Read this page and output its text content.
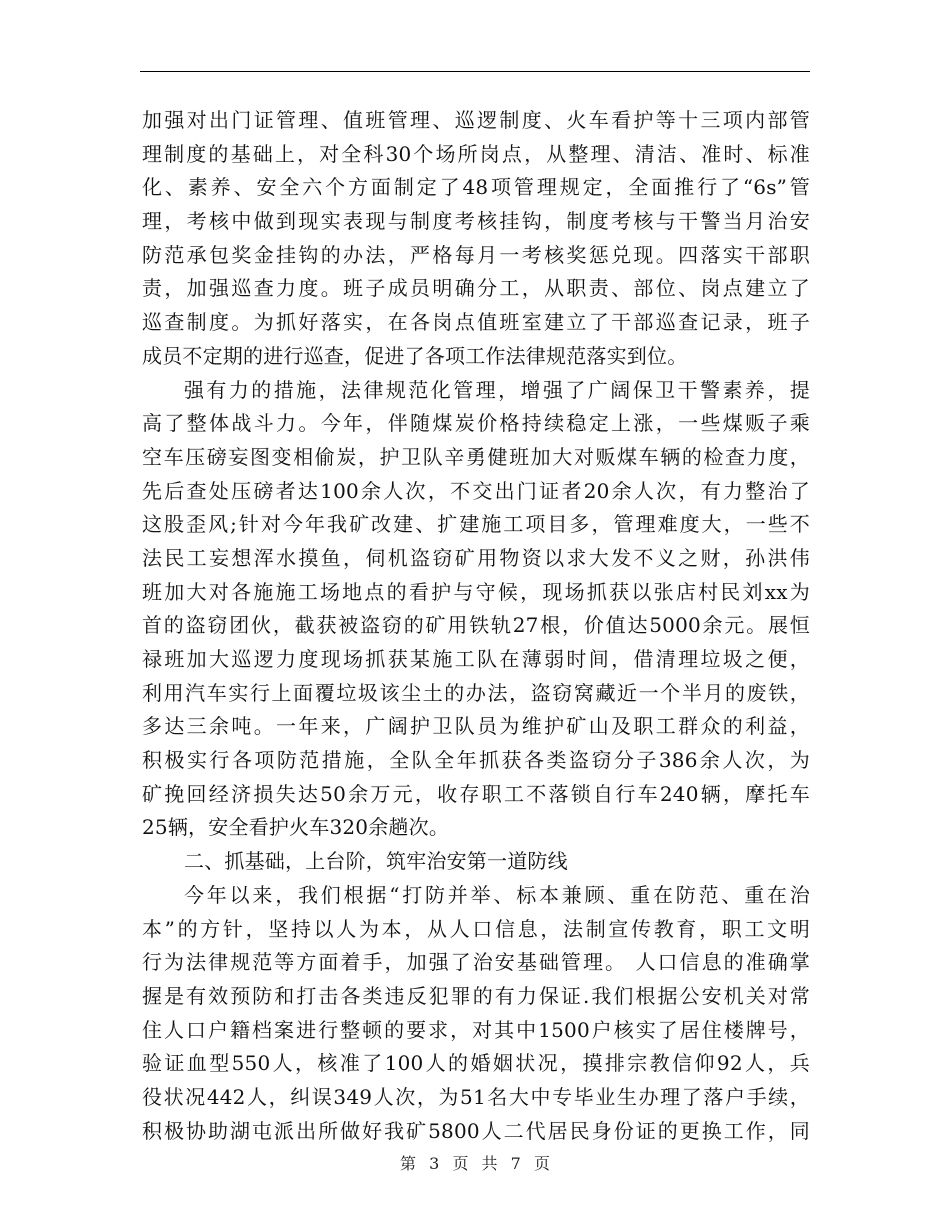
加强对出门证管理、值班管理、巡逻制度、火车看护等十三项内部管
理制度的基础上，对全科30个场所岗点，从整理、清洁、准时、标准
化、素养、安全六个方面制定了48项管理规定，全面推行了“6s”管
理，考核中做到现实表现与制度考核挂钩，制度考核与干警当月治安
防范承包奖金挂钩的办法，严格每月一考核奖惩兑现。四落实干部职
责，加强巡查力度。班子成员明确分工，从职责、部位、岗点建立了
巡查制度。为抓好落实，在各岗点值班室建立了干部巡查记录，班子
成员不定期的进行巡查，促进了各项工作法律规范落实到位。
强有力的措施，法律规范化管理，增强了广阔保卫干警素养，提
高了整体战斗力。今年，伴随煤炭价格持续稳定上涨，一些煤贩子乘
空车压磅妄图变相偷炭，护卫队辛勇健班加大对贩煤车辆的检查力度，
先后查处压磅者达100余人次，不交出门证者20余人次，有力整治了
这股歪风;针对今年我矿改建、扩建施工项目多，管理难度大，一些不
法民工妄想浑水摸鱼，伺机盗窃矿用物资以求大发不义之财，孙洪伟
班加大对各施施工场地点的看护与守候，现场抓获以张店村民刘xx为
首的盗窃团伙，截获被盗窃的矿用铁轨27根，价值达5000余元。展恒
禄班加大巡逻力度现场抓获某施工队在薄弱时间，借清理垃圾之便，
利用汽车实行上面覆垃圾该尘土的办法，盗窃窝藏近一个半月的废铁，
多达三余吨。一年来，广阔护卫队员为维护矿山及职工群众的利益，
积极实行各项防范措施，全队全年抓获各类盗窃分子386余人次，为
矿挽回经济损失达50余万元，收存职工不落锁自行车240辆，摩托车
25辆，安全看护火车320余趟次。
二、抓基础，上台阶，筑牢治安第一道防线
今年以来，我们根据“打防并举、标本兼顾、重在防范、重在治
本”的方针，坚持以人为本，从人口信息，法制宣传教育，职工文明
行为法律规范等方面着手，加强了治安基础管理。 人口信息的准确掌
握是有效预防和打击各类违反犯罪的有力保证.我们根据公安机关对常
住人口户籍档案进行整顿的要求，对其中1500户核实了居住楼牌号，
验证血型550人，核准了100人的婚姻状况，摸排宗教信仰92人，兵
役状况442人，纠误349人次，为51名大中专毕业生办理了落户手续，
积极协助湖屯派出所做好我矿5800人二代居民身份证的更换工作，同
第 3 页 共 7 页
